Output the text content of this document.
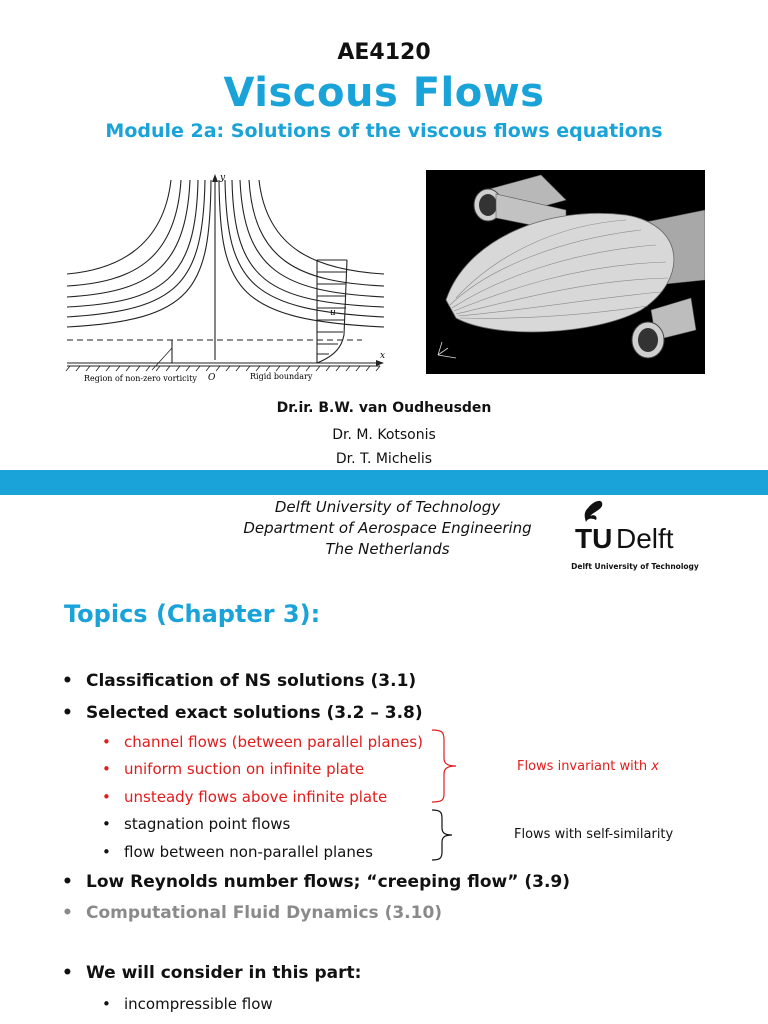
AE4120
Viscous Flows
Module 2a: Solutions of the viscous flows equations
y
x
u
O
Region of non-zero vorticity	Rigid boundary
Dr.ir. B.W. van Oudheusden
Dr. M. Kotsonis
Dr. T. Michelis
Delft University of Technology
Department of Aerospace Engineering
The Netherlands	TU Delft
Delft University of Technology
Topics (Chapter 3):
• Classification of NS solutions (3.1)
• Selected exact solutions (3.2 – 3.8)
• channel flows (between parallel planes)
• uniform suction on infinite plate
• unsteady flows above infinite plate
• stagnation point flows
• flow between non-parallel planes
• Low Reynolds number flows; “creeping flow” (3.9)
• Computational Fluid Dynamics (3.10)
• We will consider in this part:
• incompressible flow
Flows invariant with x
Flows with self-similarity
